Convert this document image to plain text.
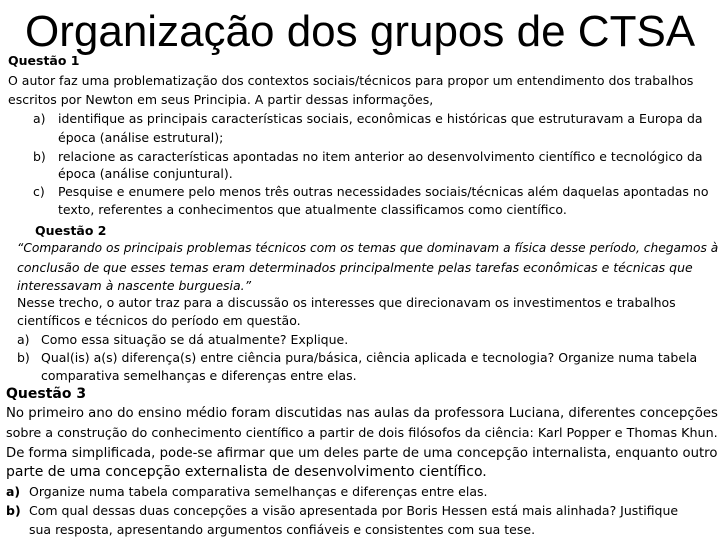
Organização dos grupos de CTSA
Questão 1
O autor faz uma problematização dos contextos sociais/técnicos para propor um entendimento dos trabalhos
escritos por Newton em seus Principia. A partir dessas informações,
a) identifique as principais características sociais, econômicas e históricas que estruturavam a Europa da
época (análise estrutural);
b) relacione as características apontadas no item anterior ao desenvolvimento científico e tecnológico da
época (análise conjuntural).
c) Pesquise e enumere pelo menos três outras necessidades sociais/técnicas além daquelas apontadas no
texto, referentes a conhecimentos que atualmente classificamos como científico.
Questão 2
“Comparando os principais problemas técnicos com os temas que dominavam a física desse período, chegamos à
conclusão de que esses temas eram determinados principalmente pelas tarefas econômicas e técnicas que
interessavam à nascente burguesia.”
Nesse trecho, o autor traz para a discussão os interesses que direcionavam os investimentos e trabalhos
científicos e técnicos do período em questão.
a) Como essa situação se dá atualmente? Explique.
b) Qual(is) a(s) diferença(s) entre ciência pura/básica, ciência aplicada e tecnologia? Organize numa tabela
comparativa semelhanças e diferenças entre elas.
Questão 3
No primeiro ano do ensino médio foram discutidas nas aulas da professora Luciana, diferentes concepções
sobre a construção do conhecimento científico a partir de dois filósofos da ciência: Karl Popper e Thomas Khun.
De forma simplificada, pode-se afirmar que um deles parte de uma concepção internalista, enquanto outro
parte de uma concepção externalista de desenvolvimento científico.
a) Organize numa tabela comparativa semelhanças e diferenças entre elas.
b) Com qual dessas duas concepções a visão apresentada por Boris Hessen está mais alinhada? Justifique
sua resposta, apresentando argumentos confiáveis e consistentes com sua tese.
